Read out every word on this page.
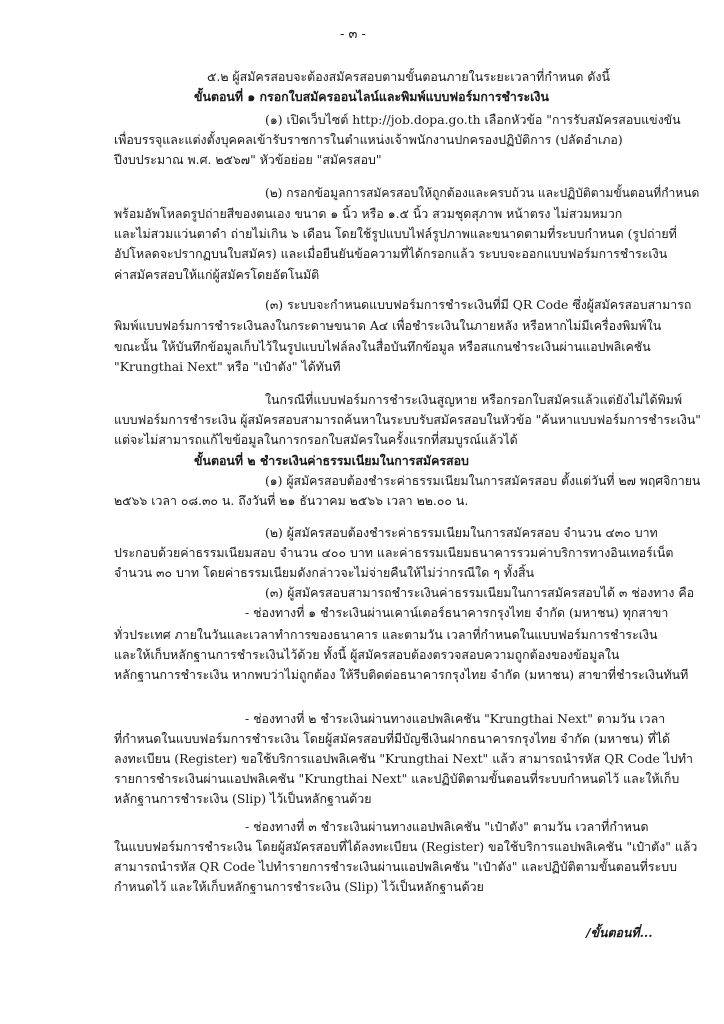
- ๓ -
๕.๒ ผู้สมัครสอบจะต้องสมัครสอบตามขั้นตอนภายในระยะเวลาที่กำหนด ดังนี้
ขั้นตอนที่ ๑ กรอกใบสมัครออนไลน์และพิมพ์แบบฟอร์มการชำระเงิน
(๑) เปิดเว็บไซต์ http://job.dopa.go.th เลือกหัวข้อ "การรับสมัครสอบแข่งขัน
เพื่อบรรจุและแต่งตั้งบุคคลเข้ารับราชการในตำแหน่งเจ้าพนักงานปกครองปฏิบัติการ (ปลัดอำเภอ)
ปีงบประมาณ พ.ศ. ๒๕๖๗" หัวข้อย่อย "สมัครสอบ"
(๒) กรอกข้อมูลการสมัครสอบให้ถูกต้องและครบถ้วน และปฏิบัติตามขั้นตอนที่กำหนด
พร้อมอัพโหลดรูปถ่ายสีของตนเอง ขนาด ๑ นิ้ว หรือ ๑.๕ นิ้ว สวมชุดสุภาพ หน้าตรง ไม่สวมหมวก
และไม่สวมแว่นตาดำ ถ่ายไม่เกิน ๖ เดือน โดยใช้รูปแบบไฟล์รูปภาพและขนาดตามที่ระบบกำหนด (รูปถ่ายที่
อัปโหลดจะปรากฏบนใบสมัคร) และเมื่อยืนยันข้อความที่ได้กรอกแล้ว ระบบจะออกแบบฟอร์มการชำระเงิน
ค่าสมัครสอบให้แก่ผู้สมัครโดยอัตโนมัติ
(๓) ระบบจะกำหนดแบบฟอร์มการชำระเงินที่มี QR Code ซึ่งผู้สมัครสอบสามารถ
พิมพ์แบบฟอร์มการชำระเงินลงในกระดาษขนาด A๔ เพื่อชำระเงินในภายหลัง หรือหากไม่มีเครื่องพิมพ์ใน
ขณะนั้น ให้บันทึกข้อมูลเก็บไว้ในรูปแบบไฟล์ลงในสื่อบันทึกข้อมูล หรือสแกนชำระเงินผ่านแอปพลิเคชัน
"Krungthai Next" หรือ "เป๋าตัง" ได้ทันที
ในกรณีที่แบบฟอร์มการชำระเงินสูญหาย หรือกรอกใบสมัครแล้วแต่ยังไม่ได้พิมพ์
แบบฟอร์มการชำระเงิน ผู้สมัครสอบสามารถค้นหาในระบบรับสมัครสอบในหัวข้อ "ค้นหาแบบฟอร์มการชำระเงิน"
แต่จะไม่สามารถแก้ไขข้อมูลในการกรอกใบสมัครในครั้งแรกที่สมบูรณ์แล้วได้
ขั้นตอนที่ ๒ ชำระเงินค่าธรรมเนียมในการสมัครสอบ
(๑) ผู้สมัครสอบต้องชำระค่าธรรมเนียมในการสมัครสอบ ตั้งแต่วันที่ ๒๗ พฤศจิกายน
๒๕๖๖ เวลา ๐๘.๓๐ น. ถึงวันที่ ๒๑ ธันวาคม ๒๕๖๖ เวลา ๒๒.๐๐ น.
(๒) ผู้สมัครสอบต้องชำระค่าธรรมเนียมในการสมัครสอบ จำนวน ๔๓๐ บาท
ประกอบด้วยค่าธรรมเนียมสอบ จำนวน ๔๐๐ บาท และค่าธรรมเนียมธนาคารรวมค่าบริการทางอินเทอร์เน็ต
จำนวน ๓๐ บาท โดยค่าธรรมเนียมดังกล่าวจะไม่จ่ายคืนให้ไม่ว่ากรณีใด ๆ ทั้งสิ้น
(๓) ผู้สมัครสอบสามารถชำระเงินค่าธรรมเนียมในการสมัครสอบได้ ๓ ช่องทาง คือ
- ช่องทางที่ ๑ ชำระเงินผ่านเคาน์เตอร์ธนาคารกรุงไทย จำกัด (มหาชน) ทุกสาขา
ทั่วประเทศ ภายในวันและเวลาทำการของธนาคาร และตามวัน เวลาที่กำหนดในแบบฟอร์มการชำระเงิน
และให้เก็บหลักฐานการชำระเงินไว้ด้วย ทั้งนี้ ผู้สมัครสอบต้องตรวจสอบความถูกต้องของข้อมูลใน
หลักฐานการชำระเงิน หากพบว่าไม่ถูกต้อง ให้รีบติดต่อธนาคารกรุงไทย จำกัด (มหาชน) สาขาที่ชำระเงินทันที
- ช่องทางที่ ๒ ชำระเงินผ่านทางแอปพลิเคชัน "Krungthai Next" ตามวัน เวลา
ที่กำหนดในแบบฟอร์มการชำระเงิน โดยผู้สมัครสอบที่มีบัญชีเงินฝากธนาคารกรุงไทย จำกัด (มหาชน) ที่ได้
ลงทะเบียน (Register) ขอใช้บริการแอปพลิเคชัน "Krungthai Next" แล้ว สามารถนำรหัส QR Code ไปทำ
รายการชำระเงินผ่านแอปพลิเคชัน "Krungthai Next" และปฏิบัติตามขั้นตอนที่ระบบกำหนดไว้ และให้เก็บ
หลักฐานการชำระเงิน (Slip) ไว้เป็นหลักฐานด้วย
- ช่องทางที่ ๓ ชำระเงินผ่านทางแอปพลิเคชัน "เป๋าตัง" ตามวัน เวลาที่กำหนด
ในแบบฟอร์มการชำระเงิน โดยผู้สมัครสอบที่ได้ลงทะเบียน (Register) ขอใช้บริการแอปพลิเคชัน "เป๋าตัง" แล้ว
สามารถนำรหัส QR Code ไปทำรายการชำระเงินผ่านแอปพลิเคชัน "เป๋าตัง" และปฏิบัติตามขั้นตอนที่ระบบ
กำหนดไว้ และให้เก็บหลักฐานการชำระเงิน (Slip) ไว้เป็นหลักฐานด้วย
/ขั้นตอนที่...
